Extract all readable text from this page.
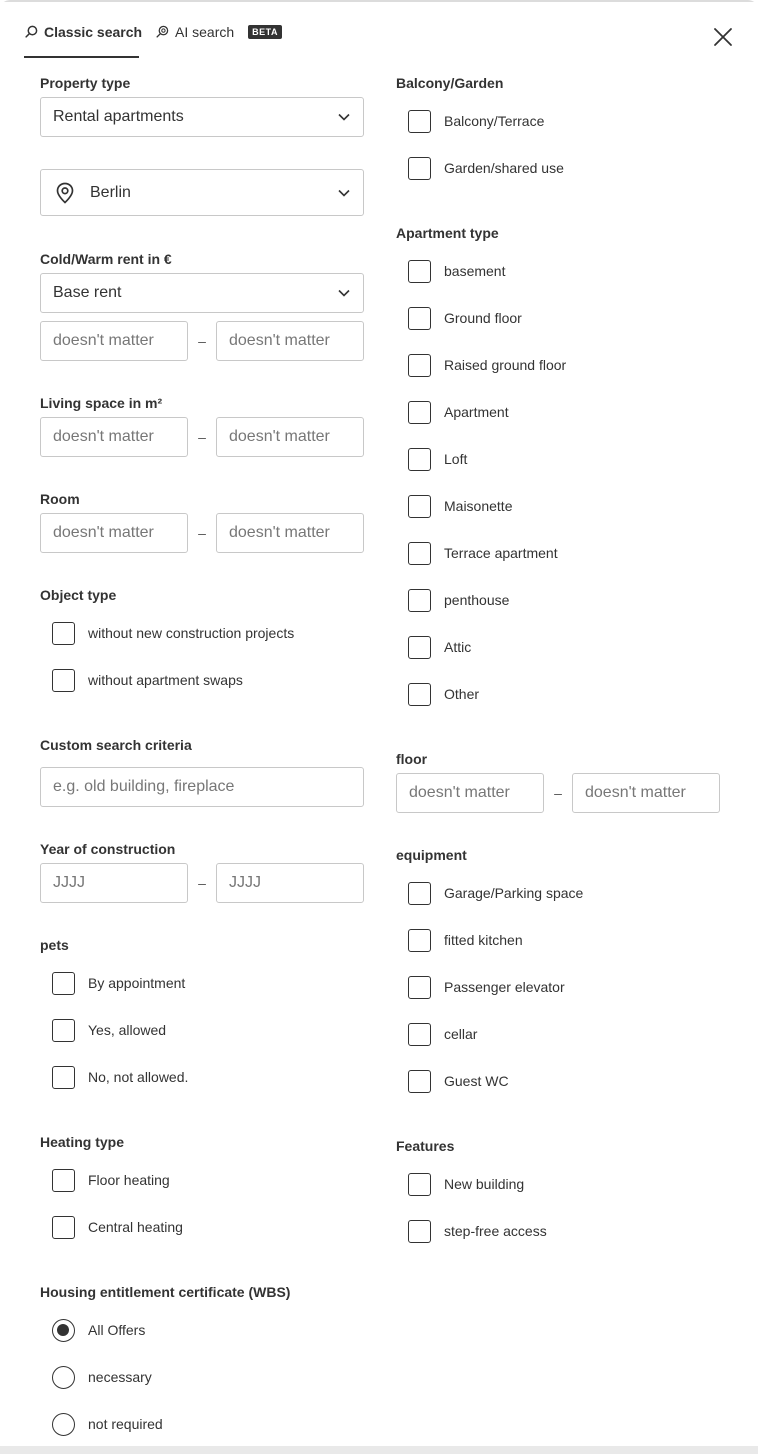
Classic search AI search	BETA
Property type
Rental apartments
Berlin
Cold/Warm rent in €
Base rent
doesn't matter
–
doesn't matter
Living space in m²
doesn't matter
–
doesn't matter
Room
doesn't matter
–
doesn't matter
Object type
without new construction projects
without apartment swaps
Custom search criteria
e.g. old building, fireplace
Year of construction
JJJJ
–
JJJJ
pets
By appointment
Yes, allowed
No, not allowed.
Heating type
Floor heating
Central heating
Housing entitlement certificate (WBS)
All Offers
necessary
not required
Balcony/Garden
Balcony/Terrace
Garden/shared use
Apartment type
basement
Ground floor
Raised ground floor
Apartment
Loft
Maisonette
Terrace apartment
penthouse
Attic
Other
floor
doesn't matter
–
doesn't matter
equipment
Garage/Parking space
fitted kitchen
Passenger elevator
cellar
Guest WC
Features
New building
step-free access
